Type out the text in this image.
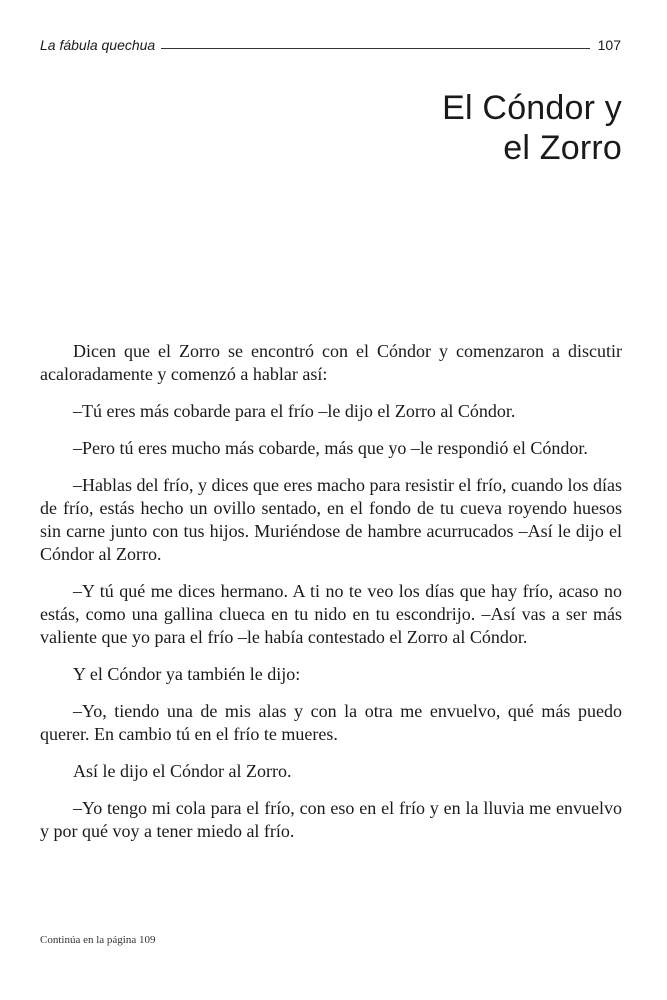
La fábula quechua	107
El Cóndor y
el Zorro

Dicen que el Zorro se encontró con el Cóndor y comenzaron a discutir acaloradamente y comenzó a hablar así:

–Tú eres más cobarde para el frío –le dijo el Zorro al Cóndor.

–Pero tú eres mucho más cobarde, más que yo –le respondió el Cóndor.

–Hablas del frío, y dices que eres macho para resistir el frío, cuando los días de frío, estás hecho un ovillo sentado, en el fondo de tu cueva royendo huesos sin carne junto con tus hijos. Muriéndose de hambre acurrucados –Así le dijo el Cóndor al Zorro.

–Y tú qué me dices hermano. A ti no te veo los días que hay frío, acaso no estás, como una gallina clueca en tu nido en tu escondrijo. –Así vas a ser más valiente que yo para el frío –le había contestado el Zorro al Cóndor.

Y el Cóndor ya también le dijo:

–Yo, tiendo una de mis alas y con la otra me envuelvo, qué más puedo querer. En cambio tú en el frío te mueres.

Así le dijo el Cóndor al Zorro.

–Yo tengo mi cola para el frío, con eso en el frío y en la lluvia me envuelvo y por qué voy a tener miedo al frío.

Continúa en la página 109
